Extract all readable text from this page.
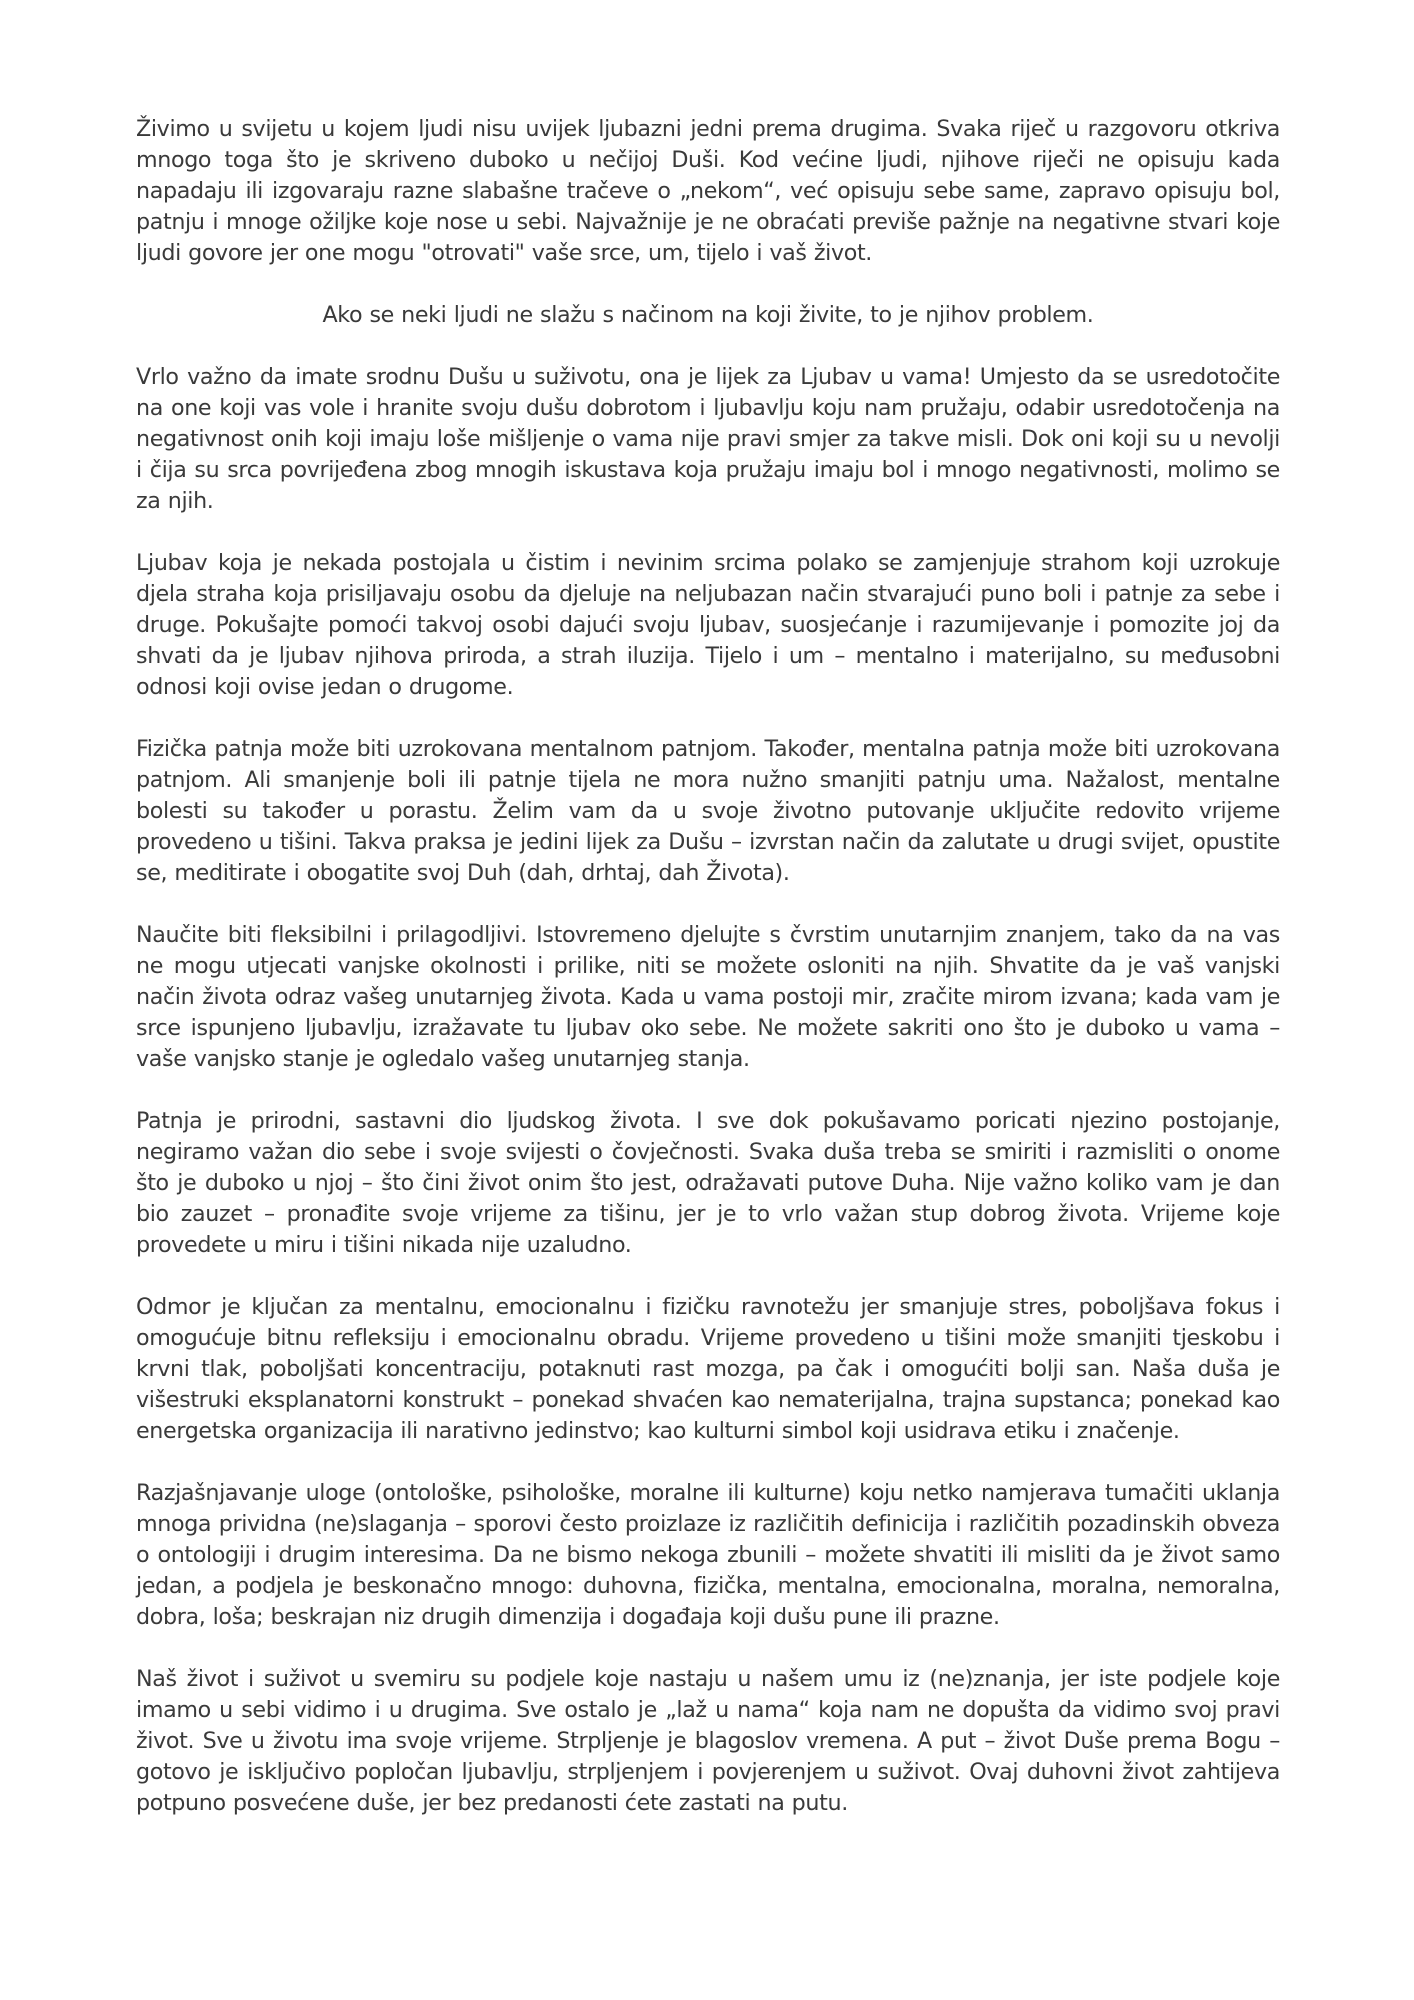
Živimo u svijetu u kojem ljudi nisu uvijek ljubazni jedni prema drugima. Svaka riječ u razgovoru otkriva mnogo toga što je skriveno duboko u nečijoj Duši. Kod većine ljudi, njihove riječi ne opisuju kada napadaju ili izgovaraju razne slabašne tračeve o „nekom“, već opisuju sebe same, zapravo opisuju bol, patnju i mnoge ožiljke koje nose u sebi. Najvažnije je ne obraćati previše pažnje na negativne stvari koje ljudi govore jer one mogu "otrovati" vaše srce, um, tijelo i vaš život.

Ako se neki ljudi ne slažu s načinom na koji živite, to je njihov problem.

Vrlo važno da imate srodnu Dušu u suživotu, ona je lijek za Ljubav u vama! Umjesto da se usredotočite na one koji vas vole i hranite svoju dušu dobrotom i ljubavlju koju nam pružaju, odabir usredotočenja na negativnost onih koji imaju loše mišljenje o vama nije pravi smjer za takve misli. Dok oni koji su u nevolji i čija su srca povrijeđena zbog mnogih iskustava koja pružaju imaju bol i mnogo negativnosti, molimo se za njih.

Ljubav koja je nekada postojala u čistim i nevinim srcima polako se zamjenjuje strahom koji uzrokuje djela straha koja prisiljavaju osobu da djeluje na neljubazan način stvarajući puno boli i patnje za sebe i druge. Pokušajte pomoći takvoj osobi dajući svoju ljubav, suosjećanje i razumijevanje i pomozite joj da shvati da je ljubav njihova priroda, a strah iluzija. Tijelo i um – mentalno i materijalno, su međusobni odnosi koji ovise jedan o drugome.

Fizička patnja može biti uzrokovana mentalnom patnjom. Također, mentalna patnja može biti uzrokovana patnjom. Ali smanjenje boli ili patnje tijela ne mora nužno smanjiti patnju uma. Nažalost, mentalne bolesti su također u porastu. Želim vam da u svoje životno putovanje uključite redovito vrijeme provedeno u tišini. Takva praksa je jedini lijek za Dušu – izvrstan način da zalutate u drugi svijet, opustite se, meditirate i obogatite svoj Duh (dah, drhtaj, dah Života).

Naučite biti fleksibilni i prilagodljivi. Istovremeno djelujte s čvrstim unutarnjim znanjem, tako da na vas ne mogu utjecati vanjske okolnosti i prilike, niti se možete osloniti na njih. Shvatite da je vaš vanjski način života odraz vašeg unutarnjeg života. Kada u vama postoji mir, zračite mirom izvana; kada vam je srce ispunjeno ljubavlju, izražavate tu ljubav oko sebe. Ne možete sakriti ono što je duboko u vama – vaše vanjsko stanje je ogledalo vašeg unutarnjeg stanja.

Patnja je prirodni, sastavni dio ljudskog života. I sve dok pokušavamo poricati njezino postojanje, negiramo važan dio sebe i svoje svijesti o čovječnosti. Svaka duša treba se smiriti i razmisliti o onome što je duboko u njoj – što čini život onim što jest, odražavati putove Duha. Nije važno koliko vam je dan bio zauzet – pronađite svoje vrijeme za tišinu, jer je to vrlo važan stup dobrog života. Vrijeme koje provedete u miru i tišini nikada nije uzaludno.

Odmor je ključan za mentalnu, emocionalnu i fizičku ravnotežu jer smanjuje stres, poboljšava fokus i omogućuje bitnu refleksiju i emocionalnu obradu. Vrijeme provedeno u tišini može smanjiti tjeskobu i krvni tlak, poboljšati koncentraciju, potaknuti rast mozga, pa čak i omogućiti bolji san. Naša duša je višestruki eksplanatorni konstrukt – ponekad shvaćen kao nematerijalna, trajna supstanca; ponekad kao energetska organizacija ili narativno jedinstvo; kao kulturni simbol koji usidrava etiku i značenje.

Razjašnjavanje uloge (ontološke, psihološke, moralne ili kulturne) koju netko namjerava tumačiti uklanja mnoga prividna (ne)slaganja – sporovi često proizlaze iz različitih definicija i različitih pozadinskih obveza o ontologiji i drugim interesima. Da ne bismo nekoga zbunili – možete shvatiti ili misliti da je život samo jedan, a podjela je beskonačno mnogo: duhovna, fizička, mentalna, emocionalna, moralna, nemoralna, dobra, loša; beskrajan niz drugih dimenzija i događaja koji dušu pune ili prazne.

Naš život i suživot u svemiru su podjele koje nastaju u našem umu iz (ne)znanja, jer iste podjele koje imamo u sebi vidimo i u drugima. Sve ostalo je „laž u nama“ koja nam ne dopušta da vidimo svoj pravi život. Sve u životu ima svoje vrijeme. Strpljenje je blagoslov vremena. A put – život Duše prema Bogu – gotovo je isključivo popločan ljubavlju, strpljenjem i povjerenjem u suživot. Ovaj duhovni život zahtijeva potpuno posvećene duše, jer bez predanosti ćete zastati na putu.
